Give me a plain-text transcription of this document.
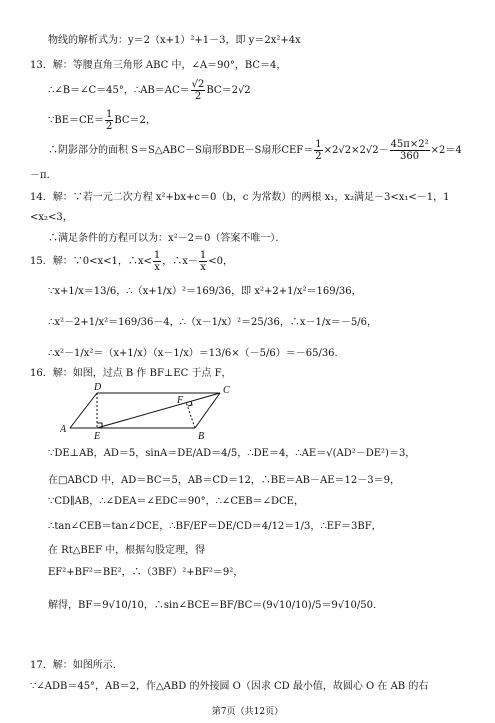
物线的解析式为：y＝2（x+1）²+1－3，即 y＝2x²+4x
13．解：等腰直角三角形 ABC 中，∠A＝90°，BC＝4，
∴∠B＝∠C＝45°，∴AB＝AC＝ $\frac{√2}{2} BC=2√2$
∵BE＝CE＝ $\frac{1}{2} BC=2$，
∴阴影部分的面积 S＝S△ABC－S扇形BDE－S扇形$CEF= \frac{1}{2} \times 2√2\times 2√2- \frac{\text{45π×2²}}{360} \times 2=4$
－π．
14．解：∵若一元二次方程 x²+bx+c＝0（b，c 为常数）的两根 x₁，x₂满足－3<x₁<－1，1
<x₂<3，
∴满足条件的方程可以为：x²－2＝0（答案不唯一）．
15．解：∵0<x<1，∴x< $\frac{1}{x}$ ，∴x－ $\frac{1}{x} <0$，
∵x+1/x＝13/6，∴（x+1/x）²＝169/36，即 x²+2+1/x²＝169/36，
∴x²－2+1/x²＝169/36－4，∴（x－1/x）²＝25/36，∴x－1/x＝－5/6，
∴x²－1/x²＝（x+1/x）（x－1/x）＝13/6×（－5/6）＝－65/36．
16．解：如图，过点 B 作 BF⊥EC 于点 F，
A
B
C
D
E
F
∵DE⊥AB，AD＝5，sinA＝DE/AD＝4/5，∴DE＝4，∴AE＝√(AD²－DE²)＝3，
在□ABCD 中，AD＝BC＝5，AB＝CD＝12，∴BE＝AB－AE＝12－3＝9，
∵CD∥AB，∴∠DEA＝∠EDC＝90°，∴∠CEB＝∠DCE，
∴tan∠CEB＝tan∠DCE，∴BF/EF＝DE/CD＝4/12＝1/3，∴EF＝3BF，
在 Rt△BEF 中，根据勾股定理，得
EF²+BF²＝BE²，∴（3BF）²+BF²＝9²，
解得，BF＝9√10/10，∴sin∠BCE＝BF/BC＝(9√10/10)/5＝9√10/50．
17．解：如图所示．
∵∠ADB＝45°，AB＝2，作△ABD 的外接圆 O（因求 CD 最小值，故圆心 O 在 AB 的右
第7页（共12页）
